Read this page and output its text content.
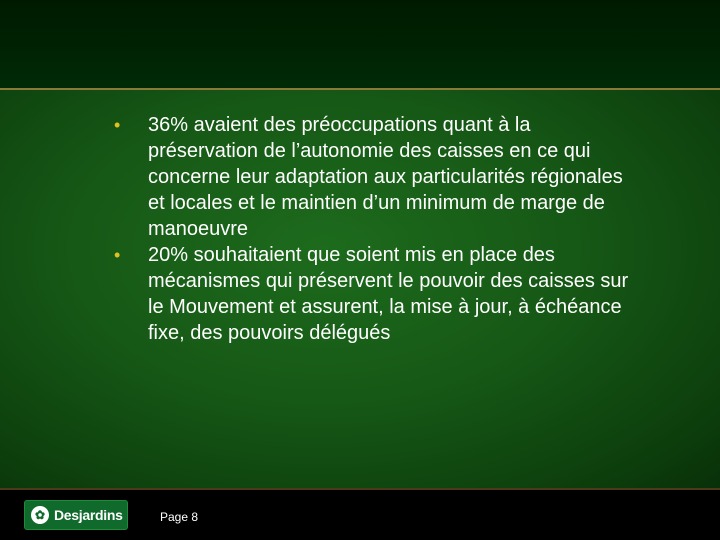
• 36% avaient des préoccupations quant à la préservation de l’autonomie des caisses en ce qui concerne leur adaptation aux particularités régionales et locales et le maintien d’un minimum de marge de manoeuvre
• 20% souhaitaient que soient mis en place des mécanismes qui préservent le pouvoir des caisses sur le Mouvement et assurent, la mise à jour, à échéance fixe, des pouvoirs délégués
✿ Desjardins	Page 8
